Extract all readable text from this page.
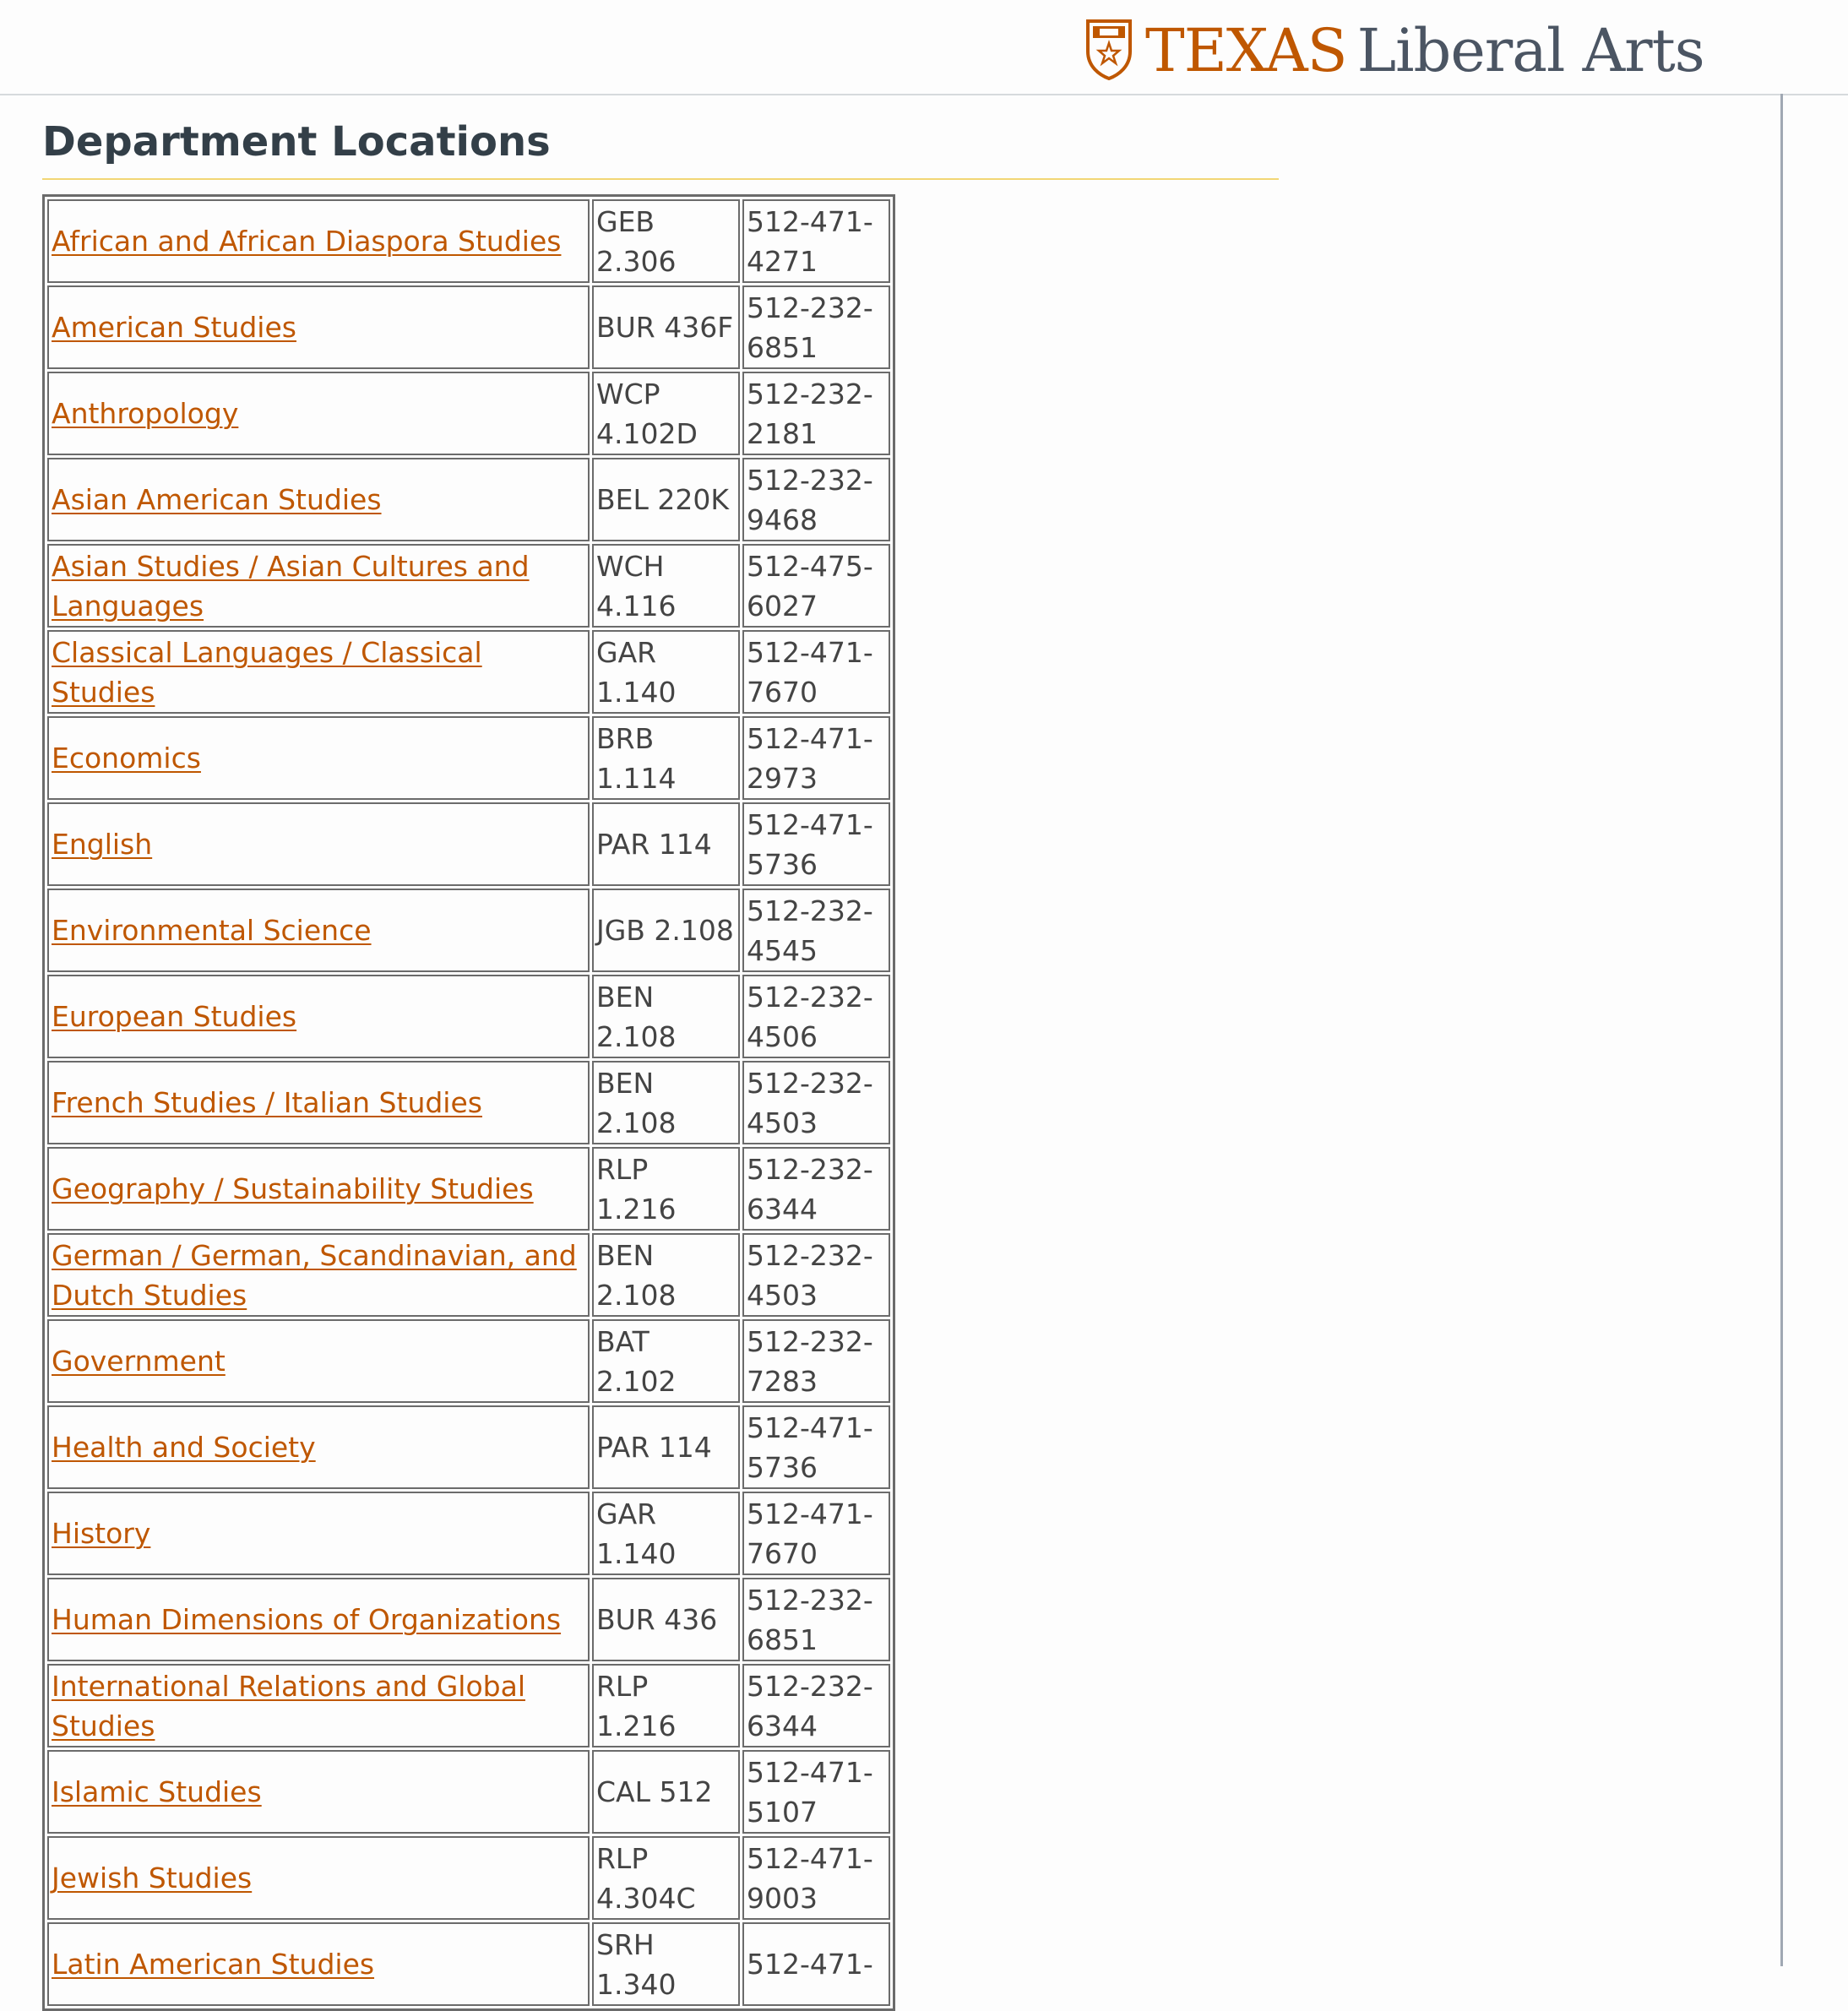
TEXAS Liberal Arts
Department Locations
African and African Diaspora Studies	GEB 2.306	512-471-4271
American Studies	BUR 436F	512-232-6851
Anthropology	WCP 4.102D	512-232-2181
Asian American Studies	BEL 220K	512-232-9468
Asian Studies / Asian Cultures and Languages	WCH 4.116	512-475-6027
Classical Languages / Classical Studies	GAR 1.140	512-471-7670
Economics	BRB 1.114	512-471-2973
English	PAR 114	512-471-5736
Environmental Science	JGB 2.108	512-232-4545
European Studies	BEN 2.108	512-232-4506
French Studies / Italian Studies	BEN 2.108	512-232-4503
Geography / Sustainability Studies	RLP 1.216	512-232-6344
German / German, Scandinavian, and Dutch Studies	BEN 2.108	512-232-4503
Government	BAT 2.102	512-232-7283
Health and Society	PAR 114	512-471-5736
History	GAR 1.140	512-471-7670
Human Dimensions of Organizations	BUR 436	512-232-6851
International Relations and Global Studies	RLP 1.216	512-232-6344
Islamic Studies	CAL 512	512-471-5107
Jewish Studies	RLP 4.304C	512-471-9003
Latin American Studies	SRH 1.340	512-471-
